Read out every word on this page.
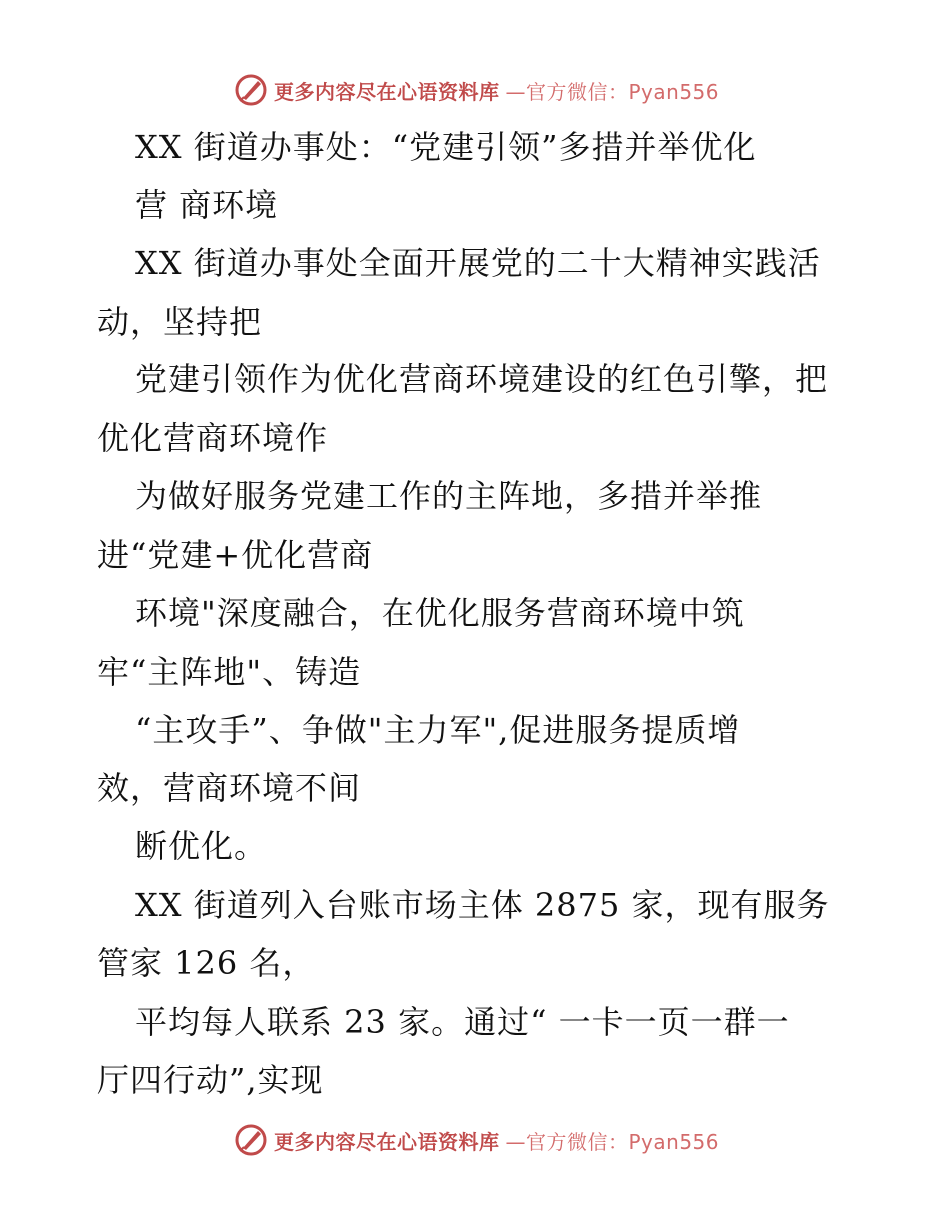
更多内容尽在心语资料库 —官方微信：Pyan556
XX 街道办事处：“党建引领”多措并举优化
营 商环境
XX 街道办事处全面开展党的二十大精神实践活
动，坚持把
党建引领作为优化营商环境建设的红色引擎，把
优化营商环境作
为做好服务党建工作的主阵地，多措并举推
进“党建+优化营商
环境"深度融合，在优化服务营商环境中筑
牢“主阵地"、铸造
“主攻手”、争做"主力军",促进服务提质增
效，营商环境不间
断优化。
XX 街道列入台账市场主体 2875 家，现有服务
管家 126 名，
平均每人联系 23 家。通过“ 一卡一页一群一
厅四行动”,实现
更多内容尽在心语资料库 —官方微信：Pyan556
